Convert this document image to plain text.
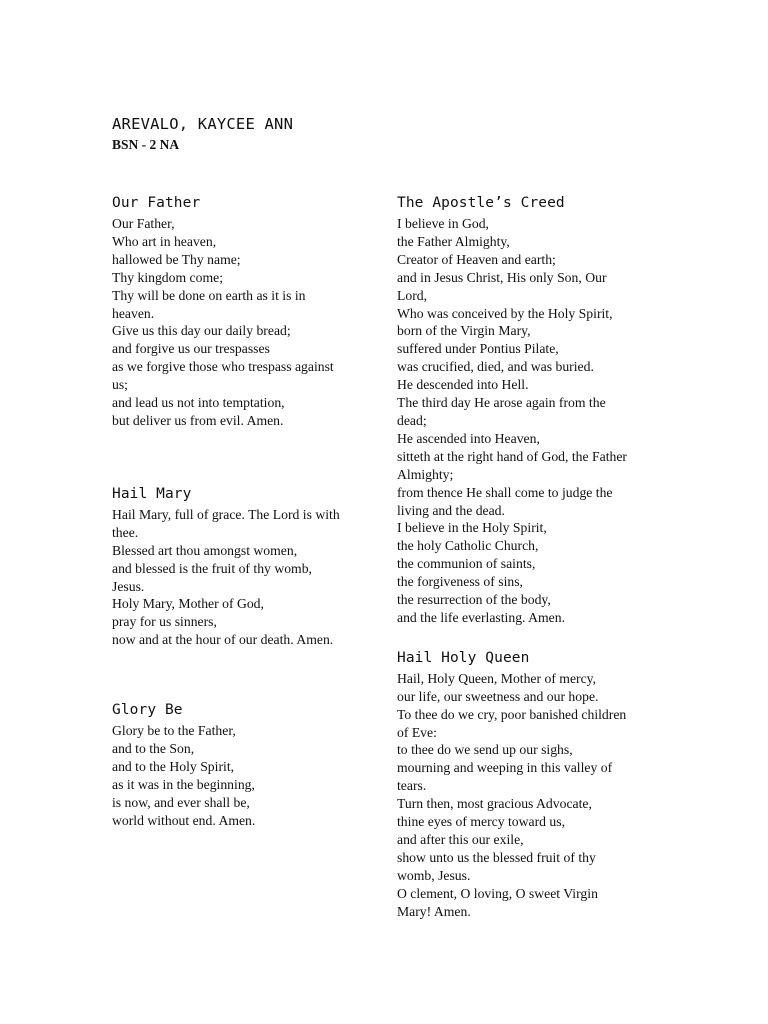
AREVALO, KAYCEE ANN
BSN - 2 NA
Our Father
Our Father,
Who art in heaven,
hallowed be Thy name;
Thy kingdom come;
Thy will be done on earth as it is in
heaven.
Give us this day our daily bread;
and forgive us our trespasses
as we forgive those who trespass against
us;
and lead us not into temptation,
but deliver us from evil. Amen.
Hail Mary
Hail Mary, full of grace. The Lord is with
thee.
Blessed art thou amongst women,
and blessed is the fruit of thy womb,
Jesus.
Holy Mary, Mother of God,
pray for us sinners,
now and at the hour of our death. Amen.
Glory Be
Glory be to the Father,
and to the Son,
and to the Holy Spirit,
as it was in the beginning,
is now, and ever shall be,
world without end. Amen.
The Apostle’s Creed
I believe in God,
the Father Almighty,
Creator of Heaven and earth;
and in Jesus Christ, His only Son, Our
Lord,
Who was conceived by the Holy Spirit,
born of the Virgin Mary,
suffered under Pontius Pilate,
was crucified, died, and was buried.
He descended into Hell.
The third day He arose again from the
dead;
He ascended into Heaven,
sitteth at the right hand of God, the Father
Almighty;
from thence He shall come to judge the
living and the dead.
I believe in the Holy Spirit,
the holy Catholic Church,
the communion of saints,
the forgiveness of sins,
the resurrection of the body,
and the life everlasting. Amen.
Hail Holy Queen
Hail, Holy Queen, Mother of mercy,
our life, our sweetness and our hope.
To thee do we cry, poor banished children
of Eve:
to thee do we send up our sighs,
mourning and weeping in this valley of
tears.
Turn then, most gracious Advocate,
thine eyes of mercy toward us,
and after this our exile,
show unto us the blessed fruit of thy
womb, Jesus.
O clement, O loving, O sweet Virgin
Mary! Amen.
